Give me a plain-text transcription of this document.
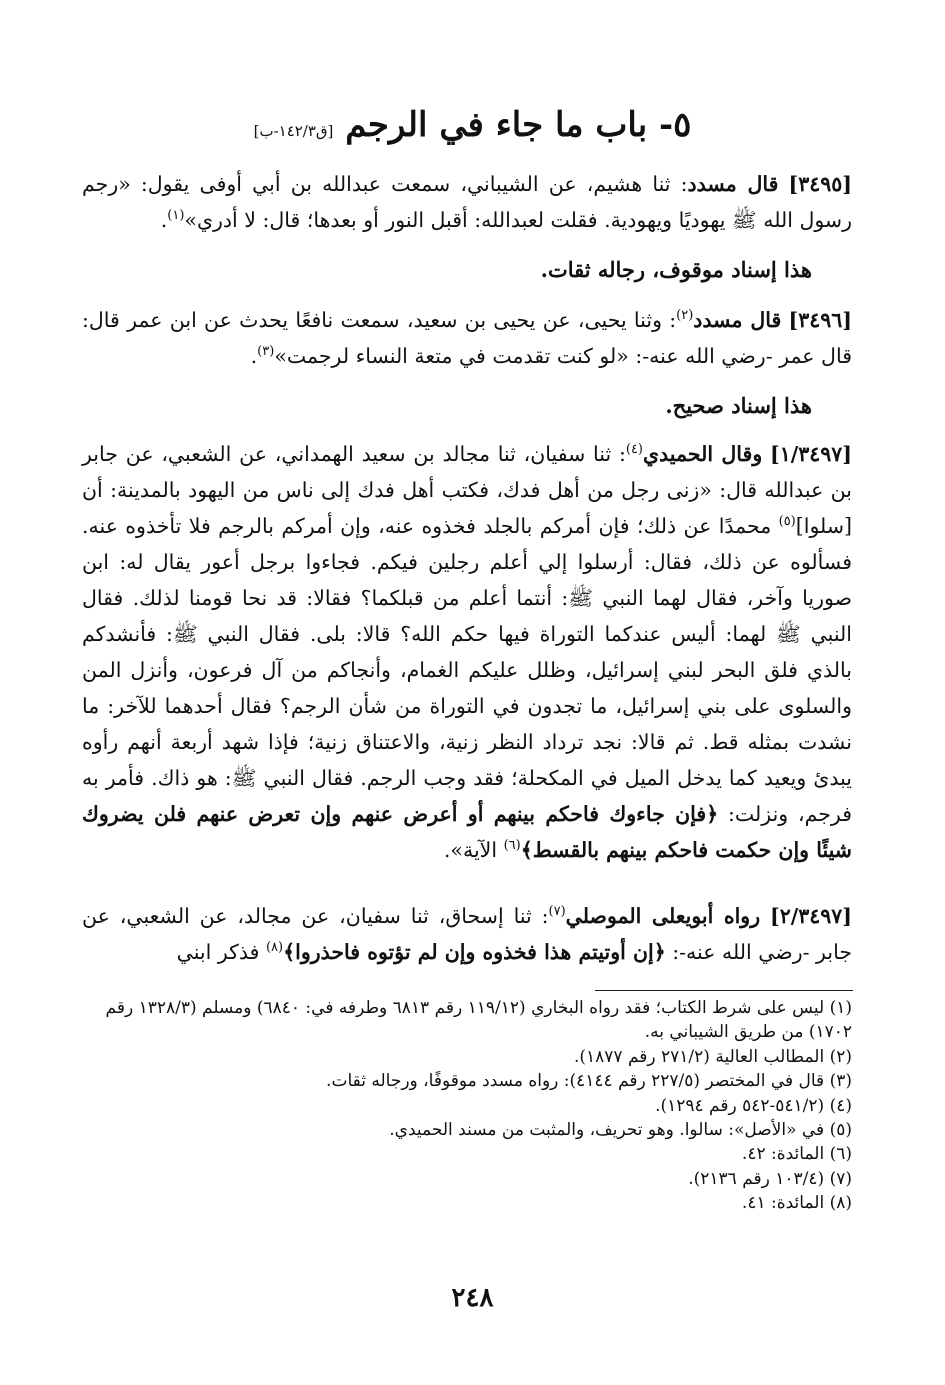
٥- باب ما جاء في الرجم [ق١٤٢/٣-ب]
[٣٤٩٥] قال مسدد: ثنا هشيم، عن الشيباني، سمعت عبدالله بن أبي أوفى يقول: «رجم رسول الله ﷺ يهوديًا ويهودية. فقلت لعبدالله: أقبل النور أو بعدها؛ قال: لا أدري»$^{(١)}$.
هذا إسناد موقوف، رجاله ثقات.
[٣٤٩٦] قال مسدد$^{(٢)}$: وثنا يحيى، عن يحيى بن سعيد، سمعت نافعًا يحدث عن ابن عمر قال: قال عمر -رضي الله عنه-: «لو كنت تقدمت في متعة النساء لرجمت»$^{(٣)}$.
هذا إسناد صحيح.
[١/٣٤٩٧] وقال الحميدي$^{(٤)}$: ثنا سفيان، ثنا مجالد بن سعيد الهمداني، عن الشعبي، عن جابر بن عبدالله قال: «زنى رجل من أهل فدك، فكتب أهل فدك إلى ناس من اليهود بالمدينة: أن [سلوا]$^{(٥)}$ محمدًا عن ذلك؛ فإن أمركم بالجلد فخذوه عنه، وإن أمركم بالرجم فلا تأخذوه عنه. فسألوه عن ذلك، فقال: أرسلوا إلي أعلم رجلين فيكم. فجاءوا برجل أعور يقال له: ابن صوريا وآخر، فقال لهما النبي ﷺ: أنتما أعلم من قبلكما؟ فقالا: قد نحا قومنا لذلك. فقال النبي ﷺ لهما: أليس عندكما التوراة فيها حكم الله؟ قالا: بلى. فقال النبي ﷺ: فأنشدكم بالذي فلق البحر لبني إسرائيل، وظلل عليكم الغمام، وأنجاكم من آل فرعون، وأنزل المن والسلوى على بني إسرائيل، ما تجدون في التوراة من شأن الرجم؟ فقال أحدهما للآخر: ما نشدت بمثله قط. ثم قالا: نجد ترداد النظر زنية، والاعتناق زنية؛ فإذا شهد أربعة أنهم رأوه يبدئ ويعيد كما يدخل الميل في المكحلة؛ فقد وجب الرجم. فقال النبي ﷺ: هو ذاك. فأمر به فرجم، ونزلت: ﴿فإن جاءوك فاحكم بينهم أو أعرض عنهم وإن تعرض عنهم فلن يضروك شيئًا وإن حكمت فاحكم بينهم بالقسط﴾$^{(٦)}$ الآية».
[٢/٣٤٩٧] رواه أبويعلى الموصلي$^{(٧)}$: ثنا إسحاق، ثنا سفيان، عن مجالد، عن الشعبي، عن جابر -رضي الله عنه-: ﴿إن أوتيتم هذا فخذوه وإن لم تؤتوه فاحذروا﴾$^{(٨)}$ فذكر ابني
(١) ليس على شرط الكتاب؛ فقد رواه البخاري (١١٩/١٢ رقم ٦٨١٣ وطرفه في: ٦٨٤٠) ومسلم (١٣٢٨/٣ رقم ١٧٠٢) من طريق الشيباني به.
(٢) المطالب العالية (٢٧١/٢ رقم ١٨٧٧).
(٣) قال في المختصر (٢٢٧/٥ رقم ٤١٤٤): رواه مسدد موقوفًا، ورجاله ثقات.
(٤) (٥٤١/٢-٥٤٢ رقم ١٢٩٤).
(٥) في «الأصل»: سالوا. وهو تحريف، والمثبت من مسند الحميدي.
(٦) المائدة: ٤٢.
(٧) (١٠٣/٤ رقم ٢١٣٦).
(٨) المائدة: ٤١.
٢٤٨
